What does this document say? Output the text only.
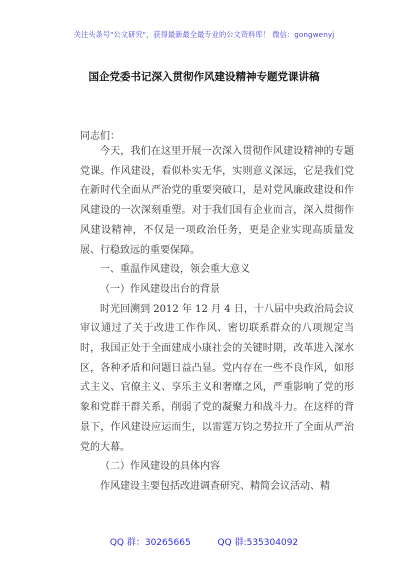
关注头条号"公文研究"，获得最新最全最专业的公文资料库！ 微信：gongwenyj
国企党委书记深入贯彻作风建设精神专题党课讲稿
同志们：

今天，我们在这里开展一次深入贯彻作风建设精神的专题党课。作风建设，看似朴实无华，实则意义深远，它是我们党在新时代全面从严治党的重要突破口，是对党风廉政建设和作风建设的一次深刻重塑。对于我们国有企业而言，深入贯彻作风建设精神，不仅是一项政治任务，更是企业实现高质量发展、行稳致远的重要保障。

一、重温作风建设，领会重大意义

（一）作风建设出台的背景

时光回溯到 2012 年 12 月 4 日，十八届中央政治局会议审议通过了关于改进工作作风、密切联系群众的八项规定当时，我国正处于全面建成小康社会的关键时期，改革进入深水区，各种矛盾和问题日益凸显。党内存在一些不良作风，如形式主义、官僚主义、享乐主义和奢靡之风，严重影响了党的形象和党群干群关系，削弱了党的凝聚力和战斗力。在这样的背景下，作风建设应运而生，以雷霆万钧之势拉开了全面从严治党的大幕。

（二）作风建设的具体内容

作风建设主要包括改进调查研究、精简会议活动、精

QQ 群：30265665	QQ 群:535304092
